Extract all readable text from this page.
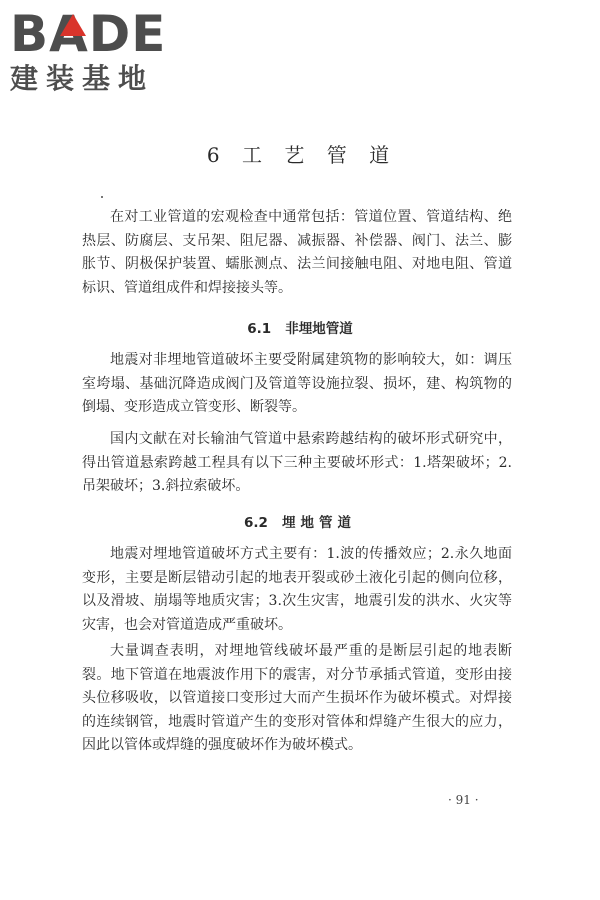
BADE
建装基地
6 工 艺 管 道

在对工业管道的宏观检查中通常包括：管道位置、管道结构、绝热层、防腐层、支吊架、阻尼器、减振器、补偿器、阀门、法兰、膨胀节、阴极保护装置、蠕胀测点、法兰间接触电阻、对地电阻、管道标识、管道组成件和焊接接头等。

6.1 非埋地管道

地震对非埋地管道破坏主要受附属建筑物的影响较大，如：调压室垮塌、基础沉降造成阀门及管道等设施拉裂、损坏，建、构筑物的倒塌、变形造成立管变形、断裂等。

国内文献在对长输油气管道中悬索跨越结构的破坏形式研究中，得出管道悬索跨越工程具有以下三种主要破坏形式：1.塔架破坏；2.吊架破坏；3.斜拉索破坏。

6.2 埋地管道

地震对埋地管道破坏方式主要有：1.波的传播效应；2.永久地面变形，主要是断层错动引起的地表开裂或砂土液化引起的侧向位移，以及滑坡、崩塌等地质灾害；3.次生灾害，地震引发的洪水、火灾等灾害，也会对管道造成严重破坏。

大量调查表明，对埋地管线破坏最严重的是断层引起的地表断裂。地下管道在地震波作用下的震害，对分节承插式管道，变形由接头位移吸收，以管道接口变形过大而产生损坏作为破坏模式。对焊接的连续钢管，地震时管道产生的变形对管体和焊缝产生很大的应力，因此以管体或焊缝的强度破坏作为破坏模式。

· 91 ·
